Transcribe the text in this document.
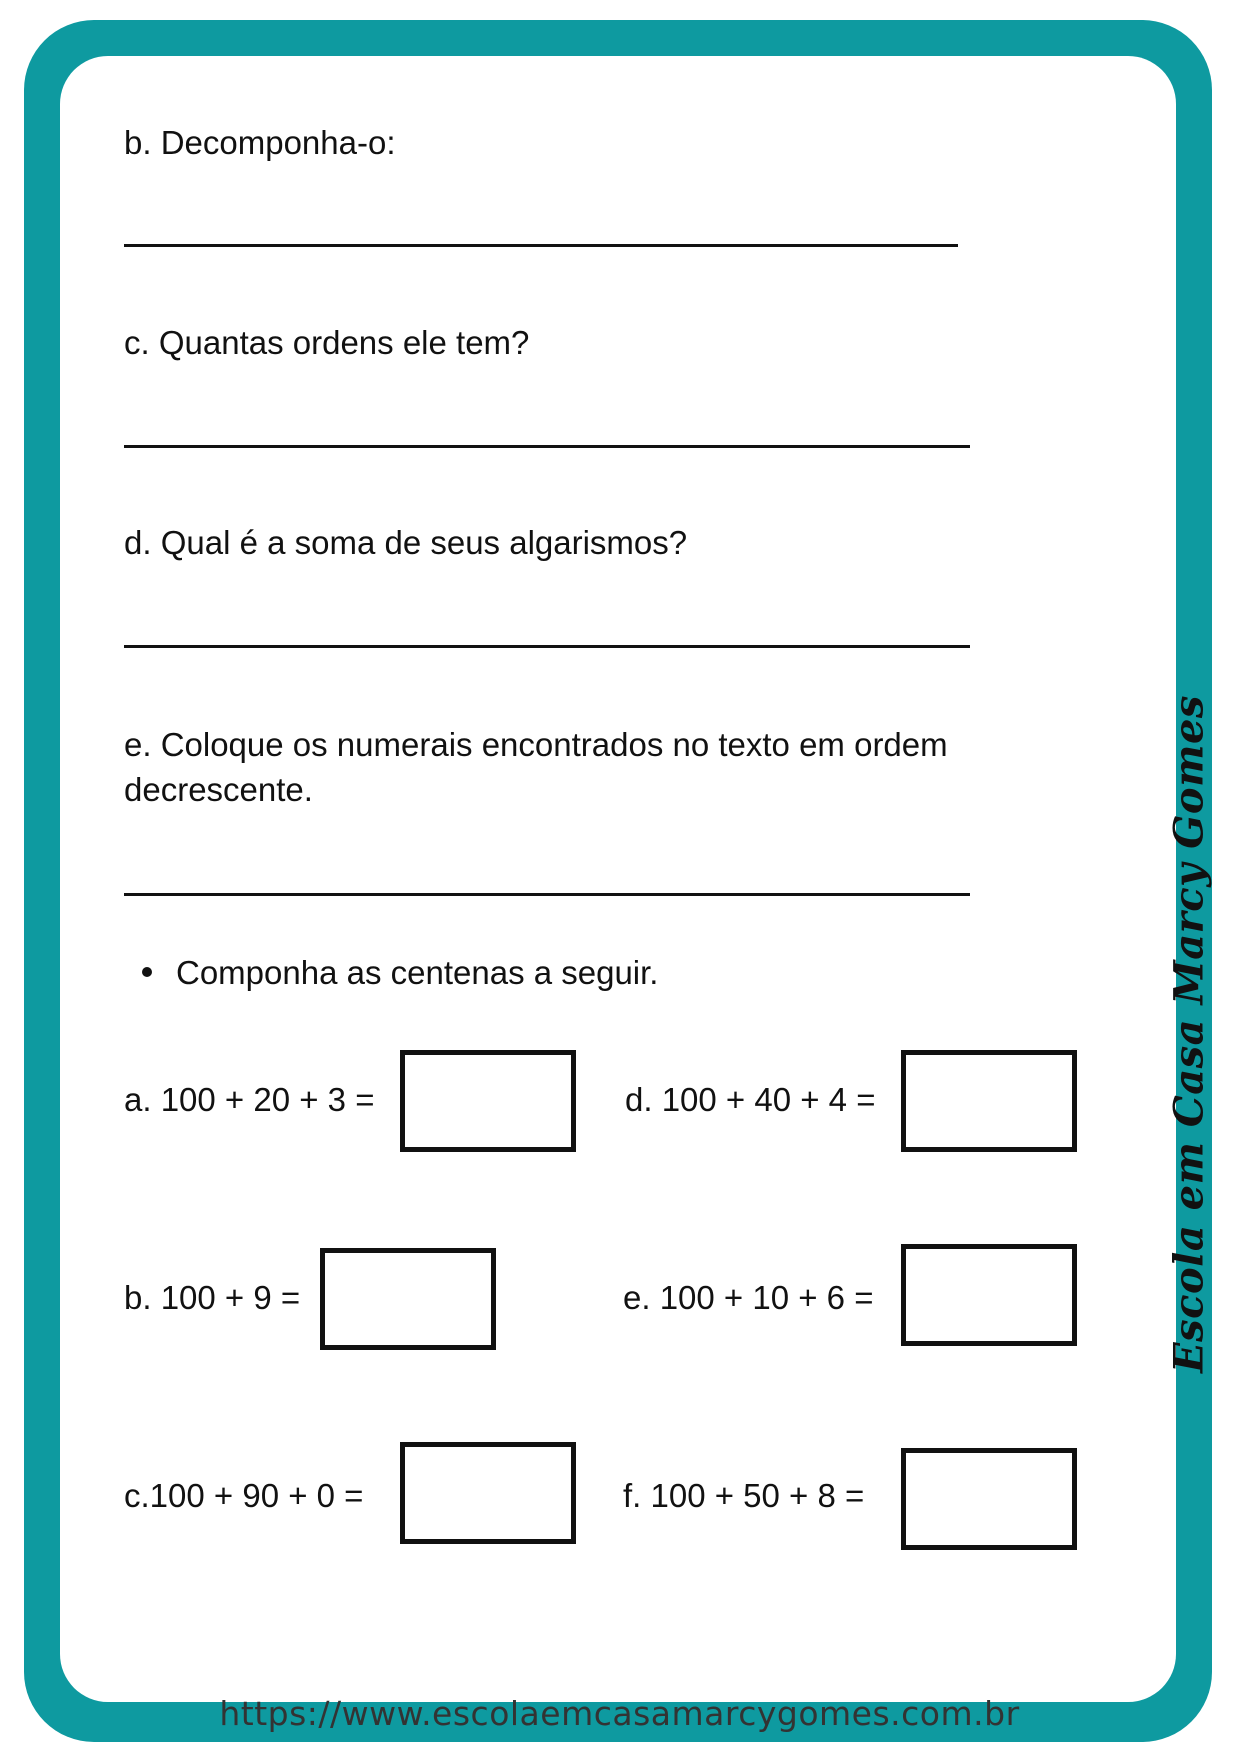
b. Decomponha-o:

c. Quantas ordens ele tem?

d. Qual é a soma de seus algarismos?

e. Coloque os numerais encontrados no texto em ordem
decrescente.

Componha as centenas a seguir.
a. 100 + 20 + 3 =
b. 100 + 9 =
c.100 + 90 + 0 =
d. 100 + 40 + 4 =
e. 100 + 10 + 6 =
f. 100 + 50 + 8 =
Escola em Casa Marcy Gomes
https://www.escolaemcasamarcygomes.com.br
